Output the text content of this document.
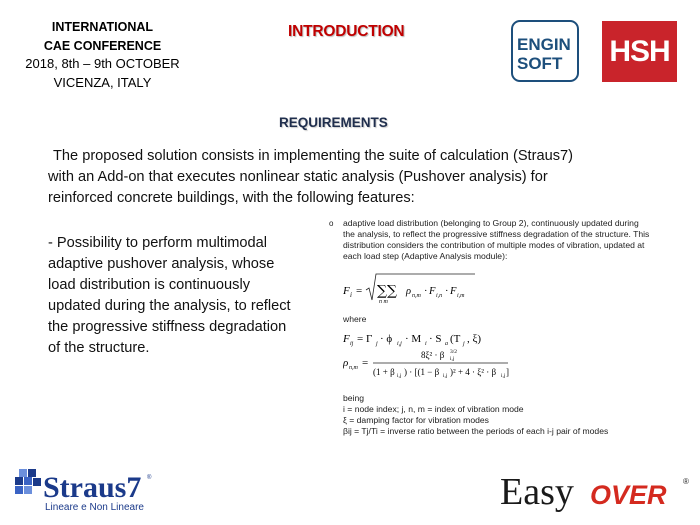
INTERNATIONAL
CAE CONFERENCE
2018, 8th – 9th OCTOBER
VICENZA, ITALY
INTRODUCTION
ENGIN
SOFT	HSH
REQUIREMENTS
The proposed solution consists in implementing the suite of calculation (Straus7)
with an Add-on that executes nonlinear static analysis (Pushover analysis) for
reinforced concrete buildings, with the following features:
- Possibility to perform multimodal
adaptive pushover analysis, whose
load distribution is continuously
updated during the analysis, to reflect
the progressive stiffness degradation
of the structure.
o	adaptive load distribution (belonging to Group 2), continuously updated during
the analysis, to reflect the progressive stiffness degradation of the structure. This
distribution considers the contribution of multiple modes of vibration, updated at
each load step (Adaptive Analysis module):
F i = ∑∑
n m
ρ n,m · F i,n · F i,m
where
F ij = Γ j · ϕ i,j · M i · S a (T j , ξ)
ρ n,m =
8ξ² · β 3/2
i,j
(1 + β i,j ) · [(1 − β i,j )² + 4 · ξ² · β i,j ]
being
i = node index; j, n, m = index of vibration mode
ξ = damping factor for vibration modes
βij = Tj/Ti = inverse ratio between the periods of each i-j pair of modes
Straus7 ®
Lineare e Non Lineare	Easy OVER ®
